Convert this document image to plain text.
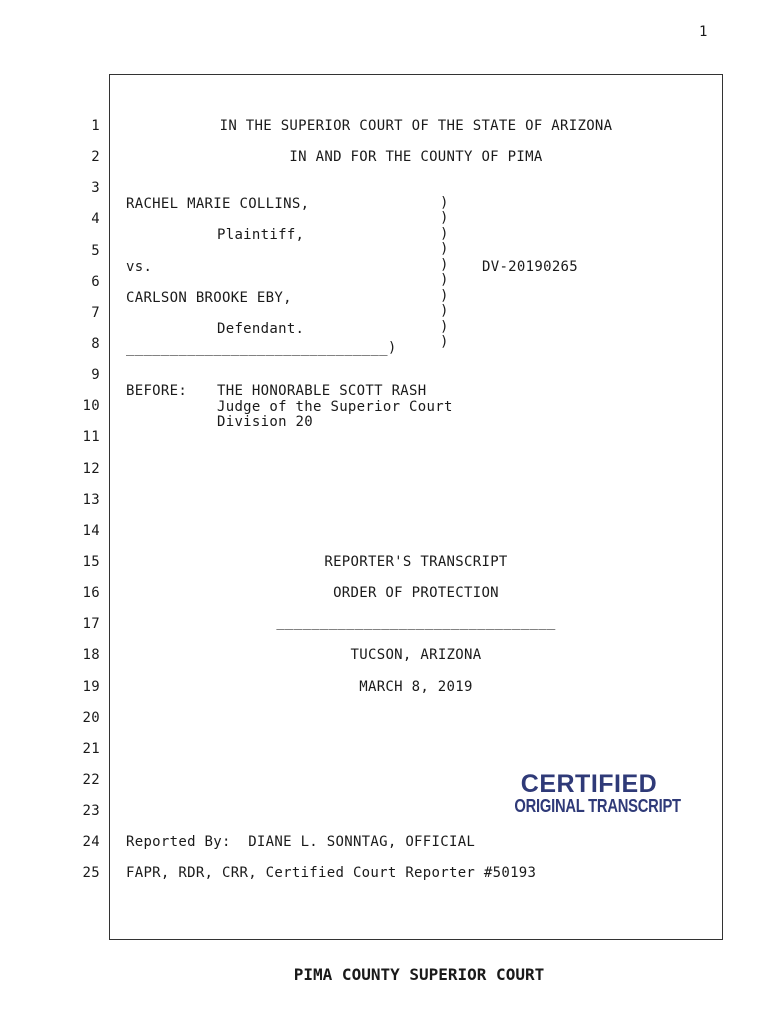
1
1
2
3
4
5
6
7
8
9
10
11
12
13
14
15
16
17
18
19
20
21
22
23
24
25
IN THE SUPERIOR COURT OF THE STATE OF ARIZONA
IN AND FOR THE COUNTY OF PIMA
RACHEL MARIE COLLINS,
Plaintiff,
vs.
CARLSON BROOKE EBY,
Defendant.
______________________________)
DV-20190265
)
)
)
)
)
)
)
)
)
)
BEFORE: THE HONORABLE SCOTT RASH
Judge of the Superior Court
Division 20
REPORTER'S TRANSCRIPT
ORDER OF PROTECTION
________________________________
TUCSON, ARIZONA
MARCH 8, 2019
CERTIFIED
ORIGINAL TRANSCRIPT
Reported By:  DIANE L. SONNTAG, OFFICIAL
FAPR, RDR, CRR, Certified Court Reporter #50193
PIMA COUNTY SUPERIOR COURT
